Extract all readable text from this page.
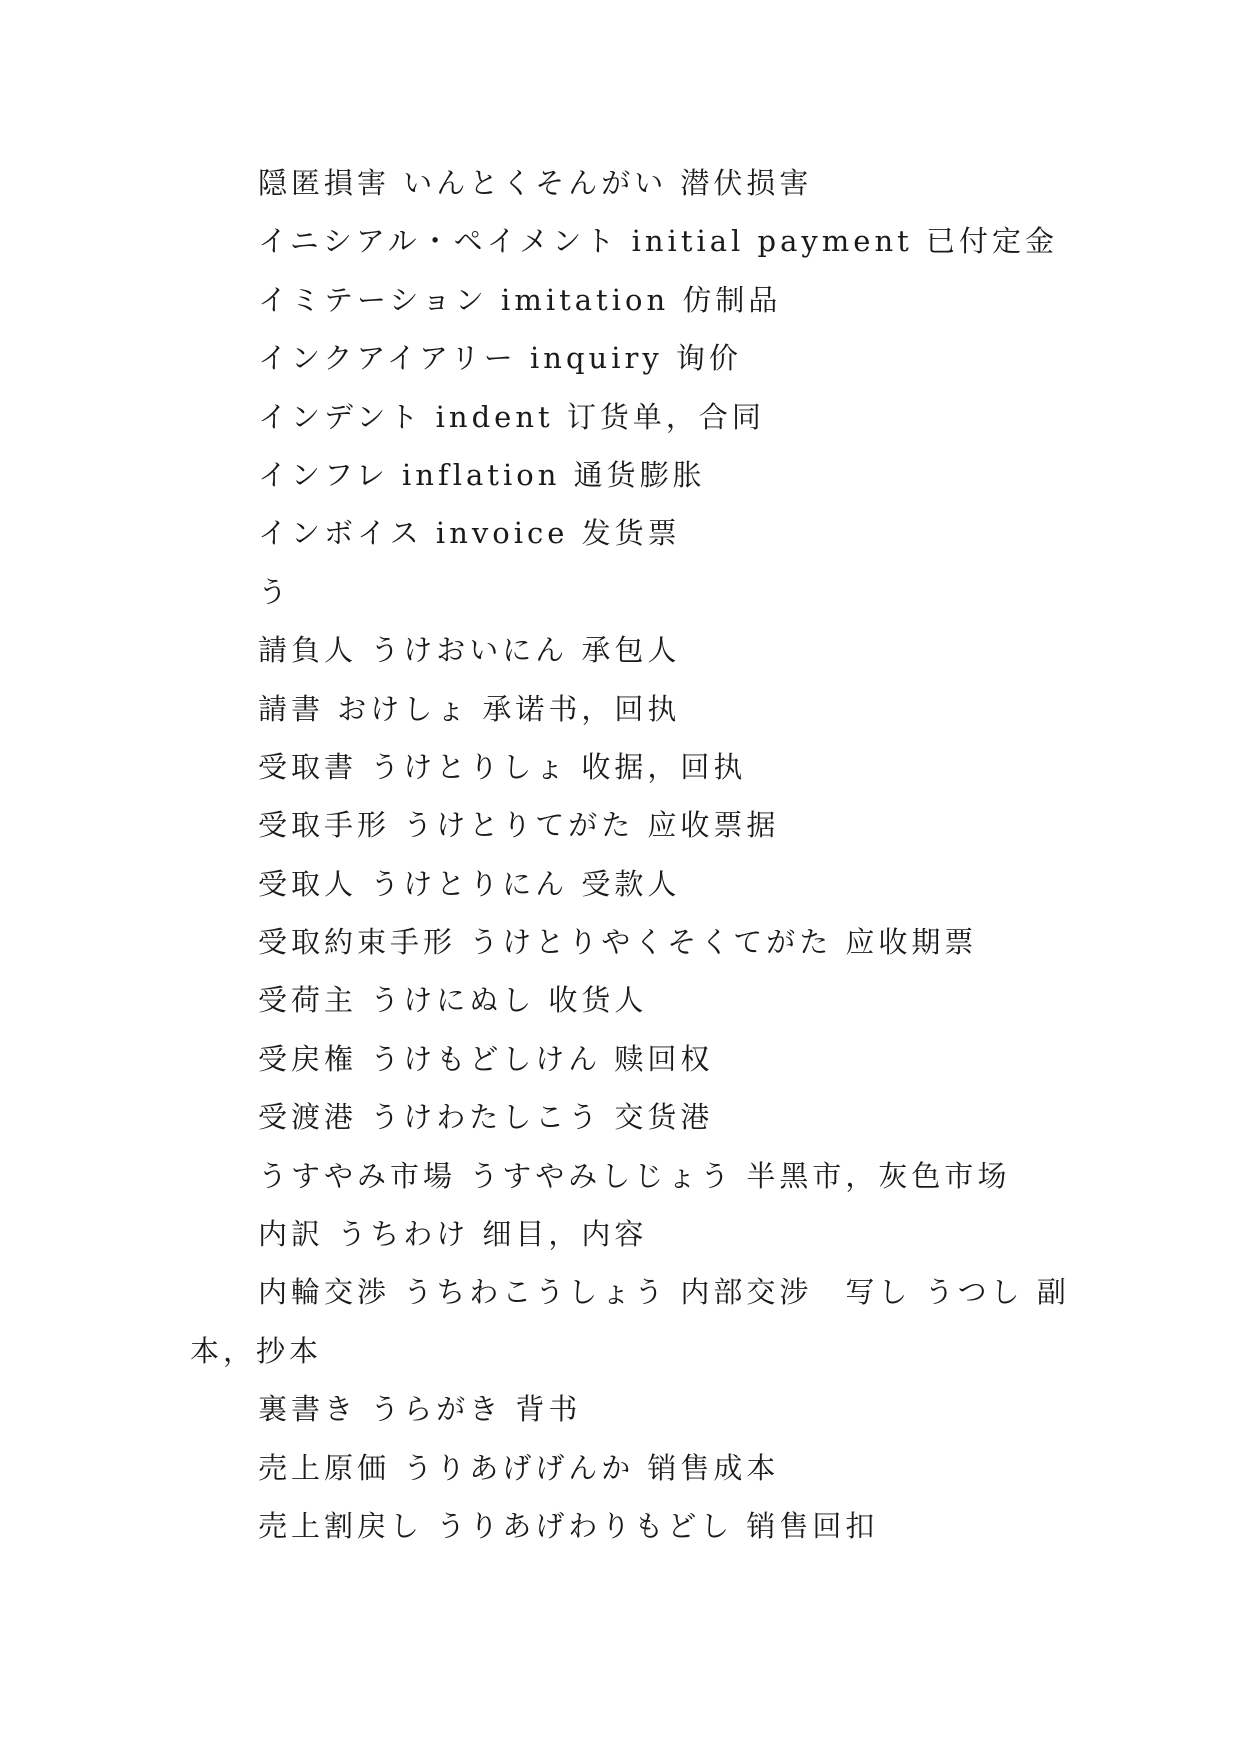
隠匿損害 いんとくそんがい 潜伏损害
イニシアル・ペイメント initial payment 已付定金
イミテーション imitation 仿制品
インクアイアリー inquiry 询价
インデント indent 订货单，合同
インフレ inflation 通货膨胀
インボイス invoice 发货票
う
請負人 うけおいにん 承包人
請書 おけしょ 承诺书，回执
受取書 うけとりしょ 收据，回执
受取手形 うけとりてがた 应收票据
受取人 うけとりにん 受款人
受取約束手形 うけとりやくそくてがた 应收期票
受荷主 うけにぬし 收货人
受戻権 うけもどしけん 赎回权
受渡港 うけわたしこう 交货港
うすやみ市場 うすやみしじょう 半黑市，灰色市场
内訳 うちわけ 细目，内容
内輪交渉 うちわこうしょう 内部交涉　写し うつし 副本，抄本
裏書き うらがき 背书
売上原価 うりあげげんか 销售成本
売上割戻し うりあげわりもどし 销售回扣
